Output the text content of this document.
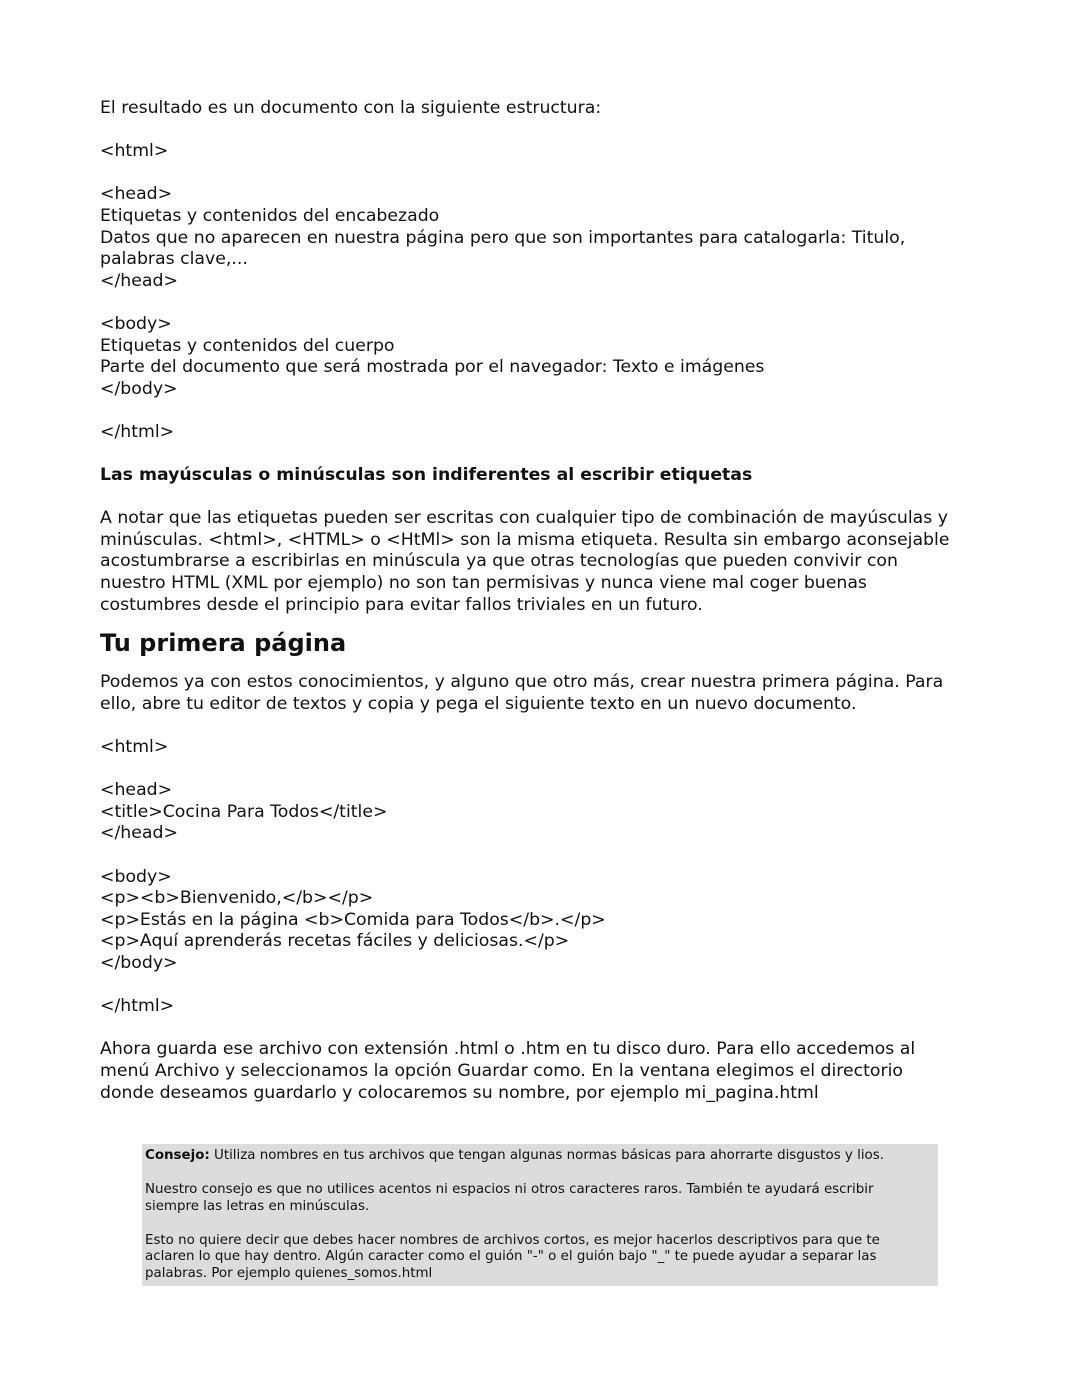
El resultado es un documento con la siguiente estructura:
<html>
<head>
Etiquetas y contenidos del encabezado
Datos que no aparecen en nuestra página pero que son importantes para catalogarla: Titulo,
palabras clave,...
</head>
<body>
Etiquetas y contenidos del cuerpo
Parte del documento que será mostrada por el navegador: Texto e imágenes
</body>
</html>
Las mayúsculas o minúsculas son indiferentes al escribir etiquetas
A notar que las etiquetas pueden ser escritas con cualquier tipo de combinación de mayúsculas y
minúsculas. <html>, <HTML> o <HtMl> son la misma etiqueta. Resulta sin embargo aconsejable
acostumbrarse a escribirlas en minúscula ya que otras tecnologías que pueden convivir con
nuestro HTML (XML por ejemplo) no son tan permisivas y nunca viene mal coger buenas
costumbres desde el principio para evitar fallos triviales en un futuro.
Tu primera página
Podemos ya con estos conocimientos, y alguno que otro más, crear nuestra primera página. Para
ello, abre tu editor de textos y copia y pega el siguiente texto en un nuevo documento.
<html>
<head>
<title>Cocina Para Todos</title>
</head>
<body>
<p><b>Bienvenido,</b></p>
<p>Estás en la página <b>Comida para Todos</b>.</p>
<p>Aquí aprenderás recetas fáciles y deliciosas.</p>
</body>
</html>
Ahora guarda ese archivo con extensión .html o .htm en tu disco duro. Para ello accedemos al
menú Archivo y seleccionamos la opción Guardar como. En la ventana elegimos el directorio
donde deseamos guardarlo y colocaremos su nombre, por ejemplo mi_pagina.html
Consejo: Utiliza nombres en tus archivos que tengan algunas normas básicas para ahorrarte disgustos y lios.
Nuestro consejo es que no utilices acentos ni espacios ni otros caracteres raros. También te ayudará escribir
siempre las letras en minúsculas.
Esto no quiere decir que debes hacer nombres de archivos cortos, es mejor hacerlos descriptivos para que te
aclaren lo que hay dentro. Algún caracter como el guión "-" o el guión bajo "_" te puede ayudar a separar las
palabras. Por ejemplo quienes_somos.html
